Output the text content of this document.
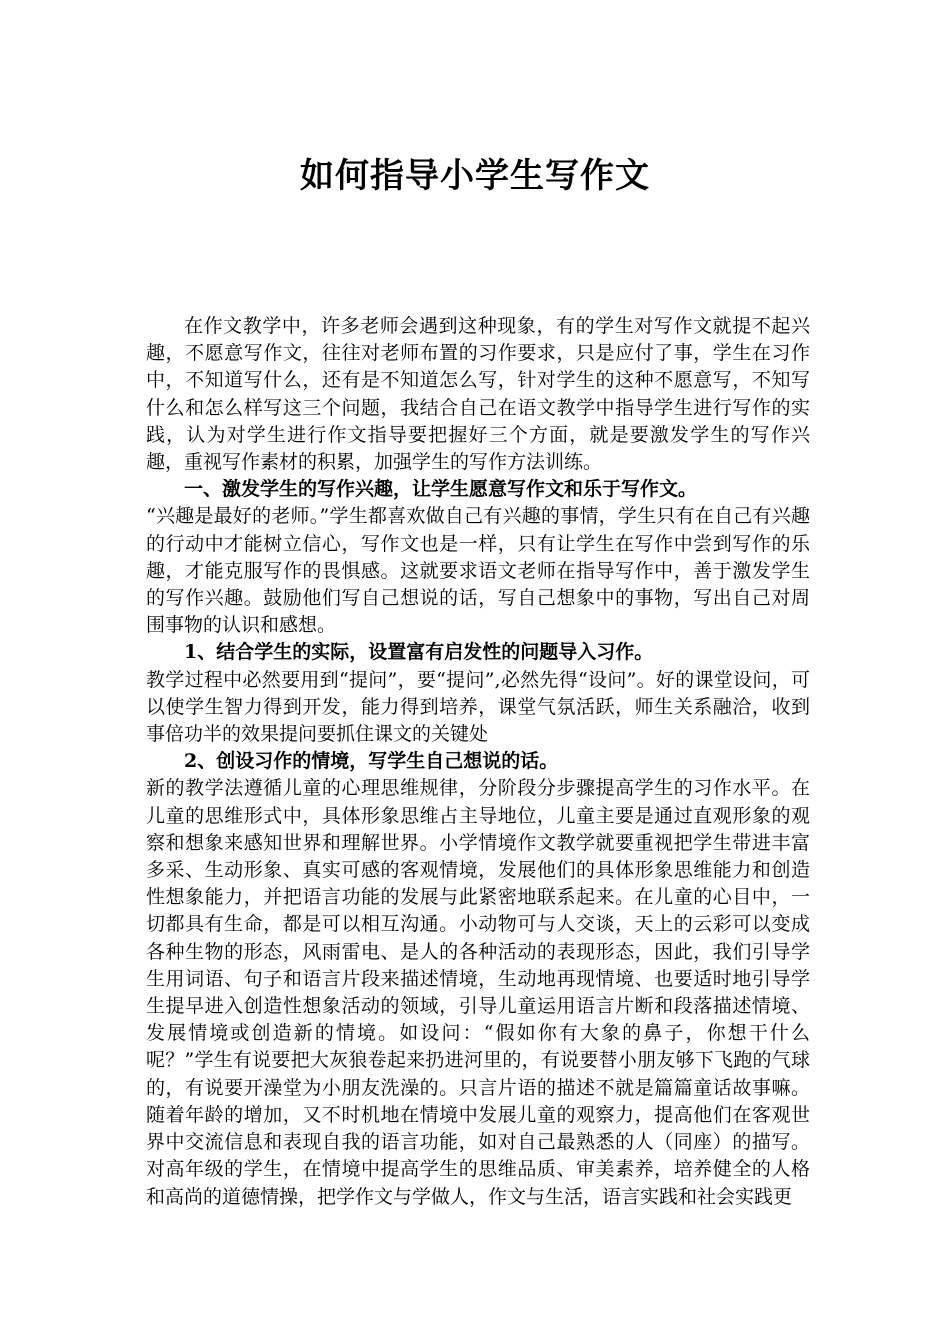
如何指导小学生写作文

在作文教学中，许多老师会遇到这种现象，有的学生对写作文就提不起兴趣，不愿意写作文，往往对老师布置的习作要求，只是应付了事，学生在习作中，不知道写什么，还有是不知道怎么写，针对学生的这种不愿意写，不知写什么和怎么样写这三个问题，我结合自己在语文教学中指导学生进行写作的实践，认为对学生进行作文指导要把握好三个方面，就是要激发学生的写作兴趣，重视写作素材的积累，加强学生的写作方法训练。

一、激发学生的写作兴趣，让学生愿意写作文和乐于写作文。

“兴趣是最好的老师。”学生都喜欢做自己有兴趣的事情，学生只有在自己有兴趣的行动中才能树立信心，写作文也是一样，只有让学生在写作中尝到写作的乐趣，才能克服写作的畏惧感。这就要求语文老师在指导写作中，善于激发学生的写作兴趣。鼓励他们写自己想说的话，写自己想象中的事物，写出自己对周围事物的认识和感想。

1、结合学生的实际，设置富有启发性的问题导入习作。

教学过程中必然要用到“提问”，要“提问”,必然先得“设问”。好的课堂设问，可以使学生智力得到开发，能力得到培养，课堂气氛活跃，师生关系融洽，收到事倍功半的效果提问要抓住课文的关键处

2、创设习作的情境，写学生自己想说的话。

新的教学法遵循儿童的心理思维规律，分阶段分步骤提高学生的习作水平。在儿童的思维形式中，具体形象思维占主导地位，儿童主要是通过直观形象的观察和想象来感知世界和理解世界。小学情境作文教学就要重视把学生带进丰富多采、生动形象、真实可感的客观情境，发展他们的具体形象思维能力和创造性想象能力，并把语言功能的发展与此紧密地联系起来。在儿童的心目中，一切都具有生命，都是可以相互沟通。小动物可与人交谈，天上的云彩可以变成各种生物的形态，风雨雷电、是人的各种活动的表现形态，因此，我们引导学生用词语、句子和语言片段来描述情境，生动地再现情境、也要适时地引导学生提早进入创造性想象活动的领域，引导儿童运用语言片断和段落描述情境、发展情境或创造新的情境。如设问：“假如你有大象的鼻子，你想干什么呢？”学生有说要把大灰狼卷起来扔进河里的，有说要替小朋友够下飞跑的气球的，有说要开澡堂为小朋友洗澡的。只言片语的描述不就是篇篇童话故事嘛。随着年龄的增加，又不时机地在情境中发展儿童的观察力，提高他们在客观世界中交流信息和表现自我的语言功能，如对自己最熟悉的人（同座）的描写。对高年级的学生，在情境中提高学生的思维品质、审美素养，培养健全的人格和高尚的道德情操，把学作文与学做人，作文与生活，语言实践和社会实践更
